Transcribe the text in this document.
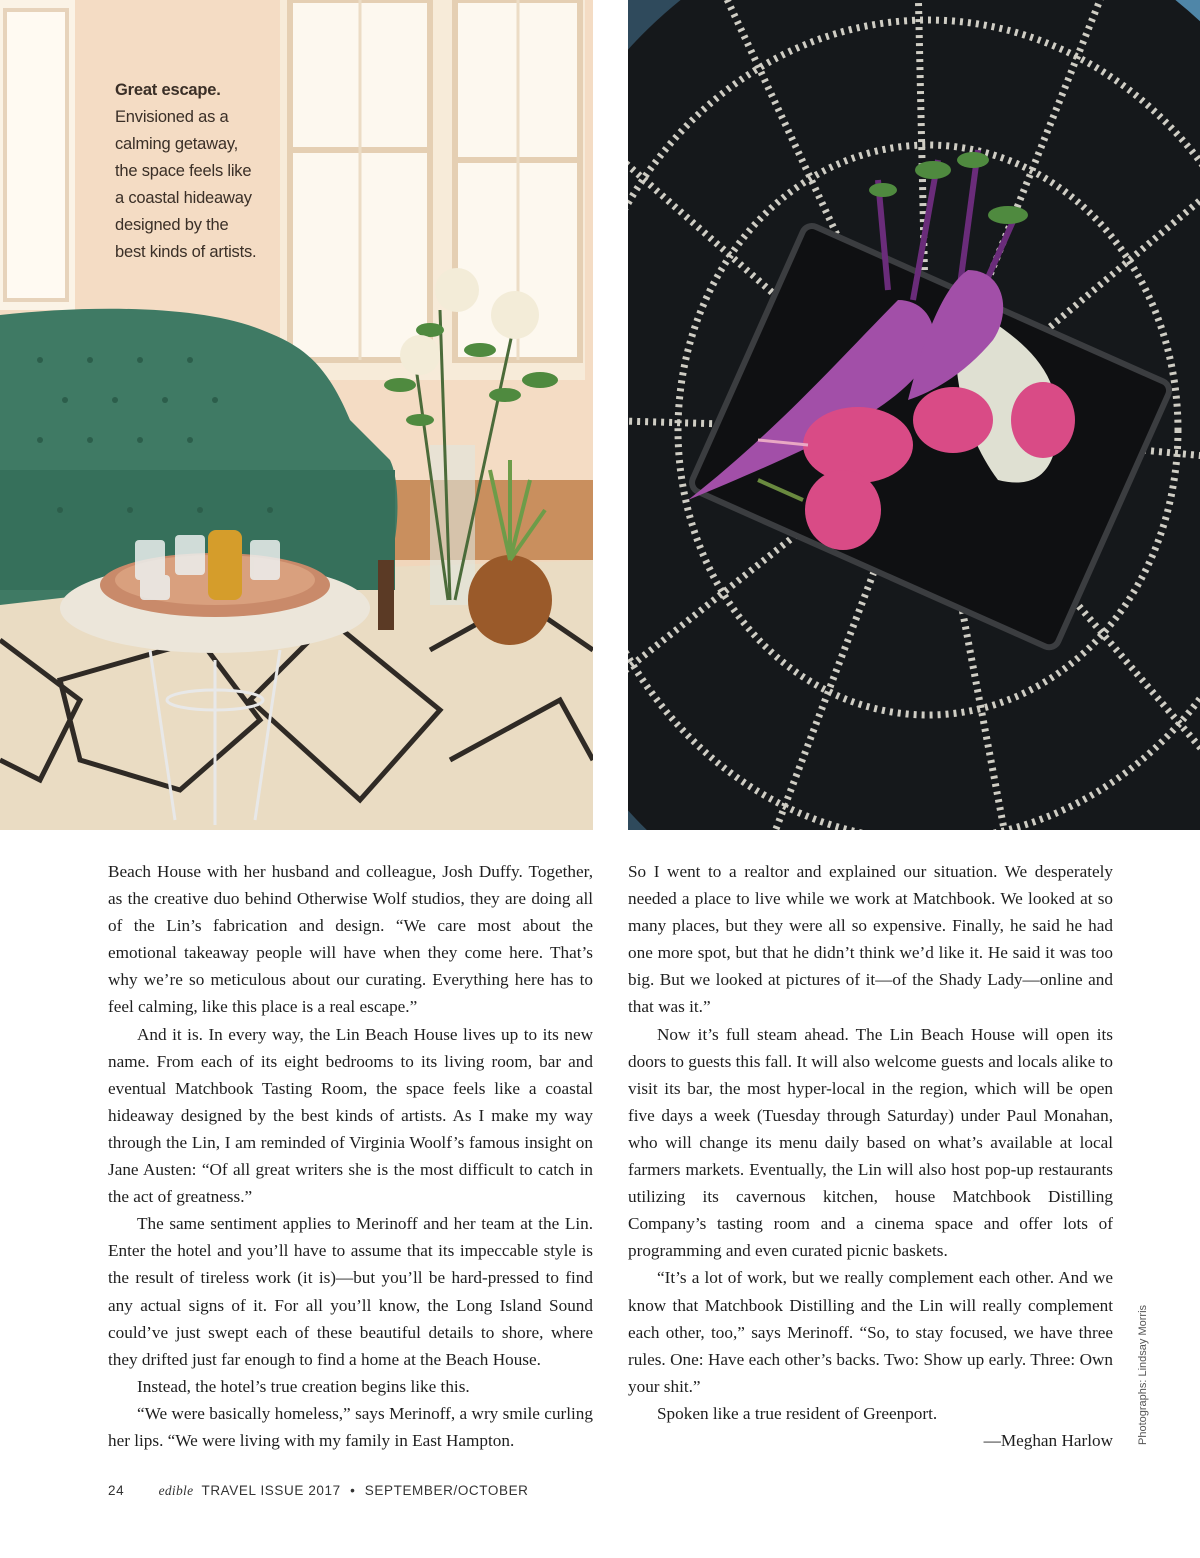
Great escape.
Envisioned as a
calming getaway,
the space feels like
a coastal hideaway
designed by the
best kinds of artists.

Beach House with her husband and colleague, Josh Duffy. Together, as the creative duo behind Otherwise Wolf studios, they are doing all of the Lin’s fabrication and design. “We care most about the emotional takeaway people will have when they come here. That’s why we’re so meticulous about our curating. Everything here has to feel calming, like this place is a real escape.”

And it is. In every way, the Lin Beach House lives up to its new name. From each of its eight bedrooms to its living room, bar and eventual Matchbook Tasting Room, the space feels like a coastal hideaway designed by the best kinds of artists. As I make my way through the Lin, I am reminded of Virginia Woolf’s famous insight on Jane Austen: “Of all great writers she is the most difficult to catch in the act of greatness.”

The same sentiment applies to Merinoff and her team at the Lin. Enter the hotel and you’ll have to assume that its impeccable style is the result of tireless work (it is)—but you’ll be hard-pressed to find any actual signs of it. For all you’ll know, the Long Island Sound could’ve just swept each of these beautiful details to shore, where they drifted just far enough to find a home at the Beach House.

Instead, the hotel’s true creation begins like this.

“We were basically homeless,” says Merinoff, a wry smile curling her lips. “We were living with my family in East Hampton.

So I went to a realtor and explained our situation. We desperately needed a place to live while we work at Matchbook. We looked at so many places, but they were all so expensive. Finally, he said he had one more spot, but that he didn’t think we’d like it. He said it was too big. But we looked at pictures of it—of the Shady Lady—online and that was it.”

Now it’s full steam ahead. The Lin Beach House will open its doors to guests this fall. It will also welcome guests and locals alike to visit its bar, the most hyper-local in the region, which will be open five days a week (Tuesday through Saturday) under Paul Monahan, who will change its menu daily based on what’s available at local farmers markets. Eventually, the Lin will also host pop-up restaurants utilizing its cavernous kitchen, house Matchbook Distilling Company’s tasting room and a cinema space and offer lots of programming and even curated picnic baskets.

“It’s a lot of work, but we really complement each other. And we know that Matchbook Distilling and the Lin will really complement each other, too,” says Merinoff. “So, to stay focused, we have three rules. One: Have each other’s backs. Two: Show up early. Three: Own your shit.”

Spoken like a true resident of Greenport.

—Meghan Harlow Photographs: Lindsay Morris
24	edible TRAVEL ISSUE 2017 • SEPTEMBER/OCTOBER
